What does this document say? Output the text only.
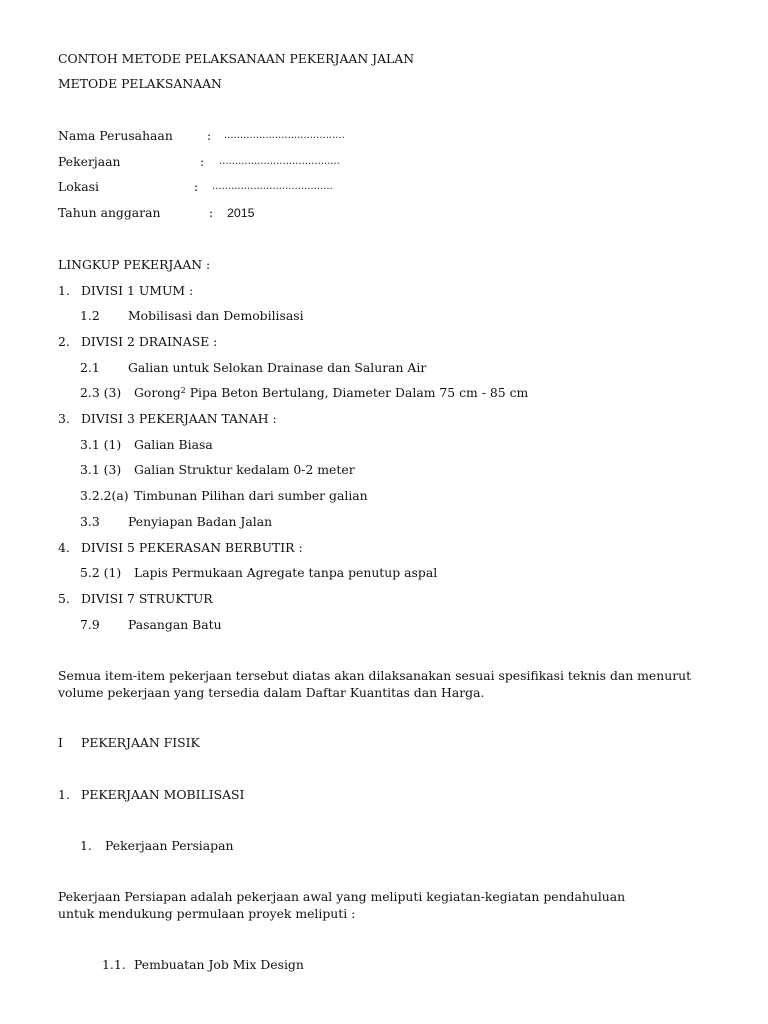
CONTOH METODE PELAKSANAAN PEKERJAAN JALAN
METODE PELAKSANAAN
Nama Perusahaan	: ......................................
Pekerjaan	: ......................................
Lokasi	: ......................................
Tahun anggaran	: 2015
LINGKUP PEKERJAAN :
1. DIVISI 1 UMUM :
1.2 Mobilisasi dan Demobilisasi
2. DIVISI 2 DRAINASE :
2.1 Galian untuk Selokan Drainase dan Saluran Air
2.3 (3) Gorong$^2$ Pipa Beton Bertulang, Diameter Dalam 75 cm - 85 cm
3. DIVISI 3 PEKERJAAN TANAH :
3.1 (1) Galian Biasa
3.1 (3) Galian Struktur kedalam 0-2 meter
3.2.2(a) Timbunan Pilihan dari sumber galian
3.3 Penyiapan Badan Jalan
4. DIVISI 5 PEKERASAN BERBUTIR :
5.2 (1) Lapis Permukaan Agregate tanpa penutup aspal
5. DIVISI 7 STRUKTUR
7.9 Pasangan Batu
Semua item-item pekerjaan tersebut diatas akan dilaksanakan sesuai spesifikasi teknis dan menurut volume pekerjaan yang tersedia dalam Daftar Kuantitas dan Harga.
I PEKERJAAN FISIK
1. PEKERJAAN MOBILISASI
1. Pekerjaan Persiapan
Pekerjaan Persiapan adalah pekerjaan awal yang meliputi kegiatan-kegiatan pendahuluan untuk mendukung permulaan proyek meliputi :
1.1. Pembuatan Job Mix Design
